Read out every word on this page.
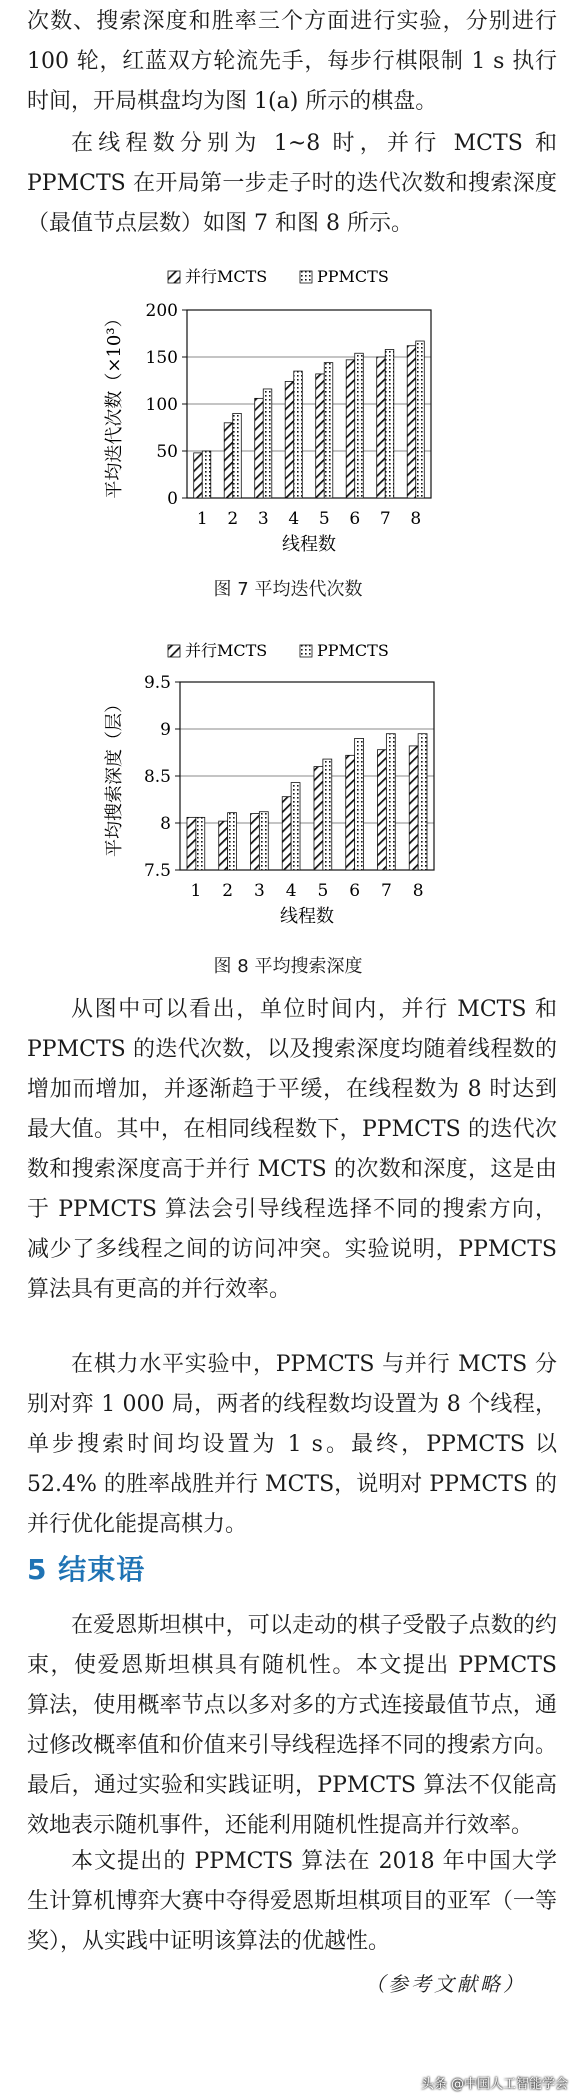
次数、搜索深度和胜率三个方面进行实验，分别进行 100 轮，红蓝双方轮流先手，每步行棋限制 1 s 执行时间，开局棋盘均为图 1(a) 所示的棋盘。

在线程数分别为 1~8 时，并行 MCTS 和 PPMCTS 在开局第一步走子时的迭代次数和搜索深度（最值节点层数）如图 7 和图 8 所示。

并行MCTS	PPMCTS
0
50
100
150
200
1 2 3 4 5 6 7 8
线程数
平均迭代次数（×10³）
图 7 平均迭代次数
并行MCTS	PPMCTS
7.5
8
8.5
9
9.5
1 2 3 4 5 6 7 8
线程数
平均搜索深度（层）
图 8 平均搜索深度

从图中可以看出，单位时间内，并行 MCTS 和 PPMCTS 的迭代次数，以及搜索深度均随着线程数的增加而增加，并逐渐趋于平缓，在线程数为 8 时达到最大值。其中，在相同线程数下，PPMCTS 的迭代次数和搜索深度高于并行 MCTS 的次数和深度，这是由于 PPMCTS 算法会引导线程选择不同的搜索方向，减少了多线程之间的访问冲突。实验说明，PPMCTS 算法具有更高的并行效率。

在棋力水平实验中，PPMCTS 与并行 MCTS 分别对弈 1 000 局，两者的线程数均设置为 8 个线程，单步搜索时间均设置为 1 s。最终，PPMCTS 以 52.4% 的胜率战胜并行 MCTS，说明对 PPMCTS 的并行优化能提高棋力。

5 结束语

在爱恩斯坦棋中，可以走动的棋子受骰子点数的约束，使爱恩斯坦棋具有随机性。本文提出 PPMCTS 算法，使用概率节点以多对多的方式连接最值节点，通过修改概率值和价值来引导线程选择不同的搜索方向。最后，通过实验和实践证明，PPMCTS 算法不仅能高效地表示随机事件，还能利用随机性提高并行效率。

本文提出的 PPMCTS 算法在 2018 年中国大学生计算机博弈大赛中夺得爱恩斯坦棋项目的亚军（一等奖），从实践中证明该算法的优越性。

（参考文献略）
头条 @中国人工智能学会
